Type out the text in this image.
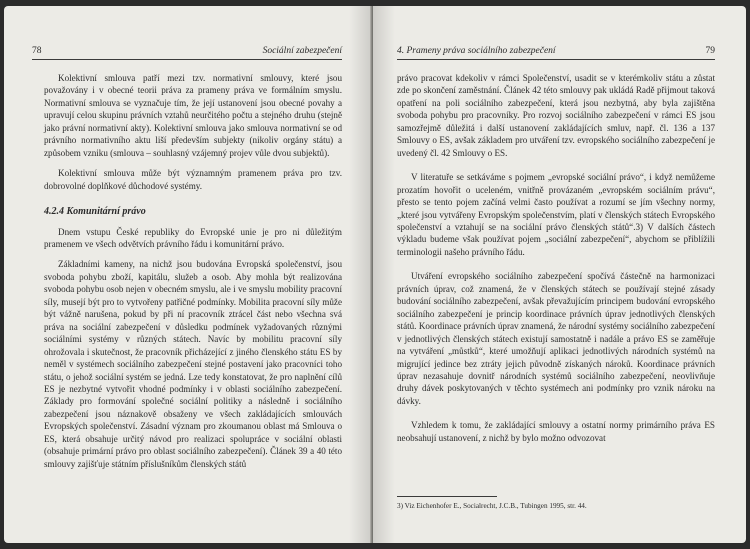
78	Sociální zabezpečení

Kolektivní smlouva patří mezi tzv. normativní smlouvy, které jsou považovány i v obecné teorii práva za prameny práva ve formálním smyslu. Normativní smlouva se vyznačuje tím, že její ustanovení jsou obecné povahy a upravují celou skupinu právních vztahů neurčitého počtu a stejného druhu (stejně jako právní normativní akty). Kolektivní smlouva jako smlouva normativní se od právního normativního aktu liší především subjekty (nikoliv orgány státu) a způsobem vzniku (smlouva – souhlasný vzájemný projev vůle dvou subjektů).

Kolektivní smlouva může být významným pramenem práva pro tzv. dobrovolné doplňkové důchodové systémy.

4.2.4 Komunitární právo

Dnem vstupu České republiky do Evropské unie je pro ni důležitým pramenem ve všech odvětvích právního řádu i komunitární právo.

Základními kameny, na nichž jsou budována Evropská společenství, jsou svoboda pohybu zboží, kapitálu, služeb a osob. Aby mohla být realizována svoboda pohybu osob nejen v obecném smyslu, ale i ve smyslu mobility pracovní síly, musejí být pro to vytvořeny patřičné podmínky. Mobilita pracovní síly může být vážně narušena, pokud by při ní pracovník ztrácel část nebo všechna svá práva na sociální zabezpečení v důsledku podmínek vyžadovaných různými sociálními systémy v různých státech. Navíc by mobilitu pracovní síly ohrožovala i skutečnost, že pracovník přicházející z jiného členského státu ES by neměl v systémech sociálního zabezpečení stejné postavení jako pracovníci toho státu, o jehož sociální systém se jedná. Lze tedy konstatovat, že pro naplnění cílů ES je nezbytné vytvořit vhodné podmínky i v oblasti sociálního zabezpečení. Základy pro formování společné sociální politiky a následně i sociálního zabezpečení jsou náznakově obsaženy ve všech zakládajících smlouvách Evropských společenství. Zásadní význam pro zkoumanou oblast má Smlouva o ES, která obsahuje určitý návod pro realizaci spolupráce v sociální oblasti (obsahuje primární právo pro oblast sociálního zabezpečení). Článek 39 a 40 této smlouvy zajišťuje státním příslušníkům členských států

4. Prameny práva sociálního zabezpečení	79

právo pracovat kdekoliv v rámci Společenství, usadit se v kterémkoliv státu a zůstat zde po skončení zaměstnání. Článek 42 této smlouvy pak ukládá Radě přijmout taková opatření na poli sociálního zabezpečení, která jsou nezbytná, aby byla zajištěna svoboda pohybu pro pracovníky. Pro rozvoj sociálního zabezpečení v rámci ES jsou samozřejmě důležitá i další ustanovení zakládajících smluv, např. čl. 136 a 137 Smlouvy o ES, avšak základem pro utváření tzv. evropského sociálního zabezpečení je uvedený čl. 42 Smlouvy o ES.

V literatuře se setkáváme s pojmem „evropské sociální právo“, i když nemůžeme prozatím hovořit o uceleném, vnitřně provázaném „evropském sociálním právu“, přesto se tento pojem začíná velmi často používat a rozumí se jím všechny normy, „které jsou vytvářeny Evropským společenstvím, platí v členských státech Evropského společenství a vztahují se na sociální právo členských států“.3) V dalších částech výkladu budeme však používat pojem „sociální zabezpečení“, abychom se přiblížili terminologii našeho právního řádu.

Utváření evropského sociálního zabezpečení spočívá částečně na harmonizaci právních úprav, což znamená, že v členských státech se používají stejné zásady budování sociálního zabezpečení, avšak převažujícím principem budování evropského sociálního zabezpečení je princip koordinace právních úprav jednotlivých členských států. Koordinace právních úprav znamená, že národní systémy sociálního zabezpečení v jednotlivých členských státech existují samostatně i nadále a právo ES se zaměřuje na vytváření „můstků“, které umožňují aplikaci jednotlivých národních systémů na migrující jedince bez ztráty jejich původně získaných nároků. Koordinace právních úprav nezasahuje dovnitř národních systémů sociálního zabezpečení, neovlivňuje druhy dávek poskytovaných v těchto systémech ani podmínky pro vznik nároku na dávky.

Vzhledem k tomu, že zakládající smlouvy a ostatní normy primárního práva ES neobsahují ustanovení, z nichž by bylo možno odvozovat

3) Viz Eichenhofer E., Socialrecht, J.C.B., Tubingen 1995, str. 44.
